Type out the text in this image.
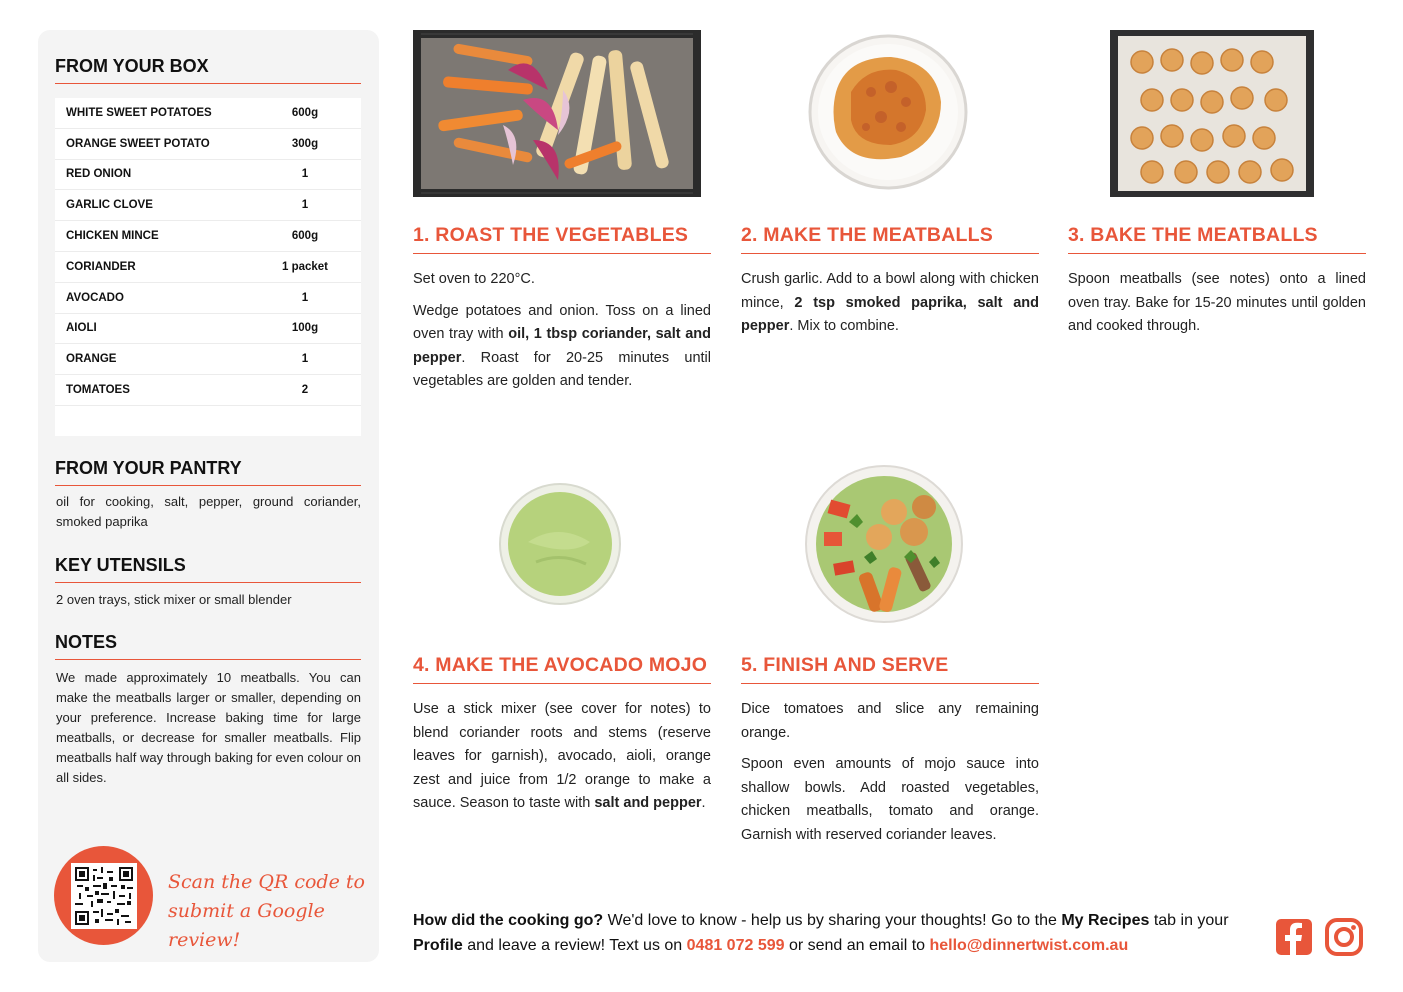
FROM YOUR BOX
WHITE SWEET POTATOES	600g
ORANGE SWEET POTATO	300g
RED ONION	1
GARLIC CLOVE	1
CHICKEN MINCE	600g
CORIANDER	1 packet
AVOCADO	1
AIOLI	100g
ORANGE	1
TOMATOES	2
FROM YOUR PANTRY
oil for cooking, salt, pepper, ground coriander, smoked paprika
KEY UTENSILS
2 oven trays, stick mixer or small blender
NOTES
We made approximately 10 meatballs. You can make the meatballs larger or smaller, depending on your preference. Increase baking time for large meatballs, or decrease for smaller meatballs. Flip meatballs half way through baking for even colour on all sides.
Scan the QR code to
submit a Google review!
1. ROAST THE VEGETABLES

Set oven to 220°C.

Wedge potatoes and onion. Toss on a lined oven tray with oil, 1 tbsp coriander, salt and pepper. Roast for 20-25 minutes until vegetables are golden and tender.

2. MAKE THE MEATBALLS

Crush garlic. Add to a bowl along with chicken mince, 2 tsp smoked paprika, salt and pepper. Mix to combine.

3. BAKE THE MEATBALLS

Spoon meatballs (see notes) onto a lined oven tray. Bake for 15-20 minutes until golden and cooked through.

4. MAKE THE AVOCADO MOJO

Use a stick mixer (see cover for notes) to blend coriander roots and stems (reserve leaves for garnish), avocado, aioli, orange zest and juice from 1/2 orange to make a sauce. Season to taste with salt and pepper.

5. FINISH AND SERVE

Dice tomatoes and slice any remaining orange.

Spoon even amounts of mojo sauce into shallow bowls. Add roasted vegetables, chicken meatballs, tomato and orange. Garnish with reserved coriander leaves.

How did the cooking go? We'd love to know - help us by sharing your thoughts! Go to the My Recipes tab in your Profile and leave a review! Text us on 0481 072 599 or send an email to hello@dinnertwist.com.au
